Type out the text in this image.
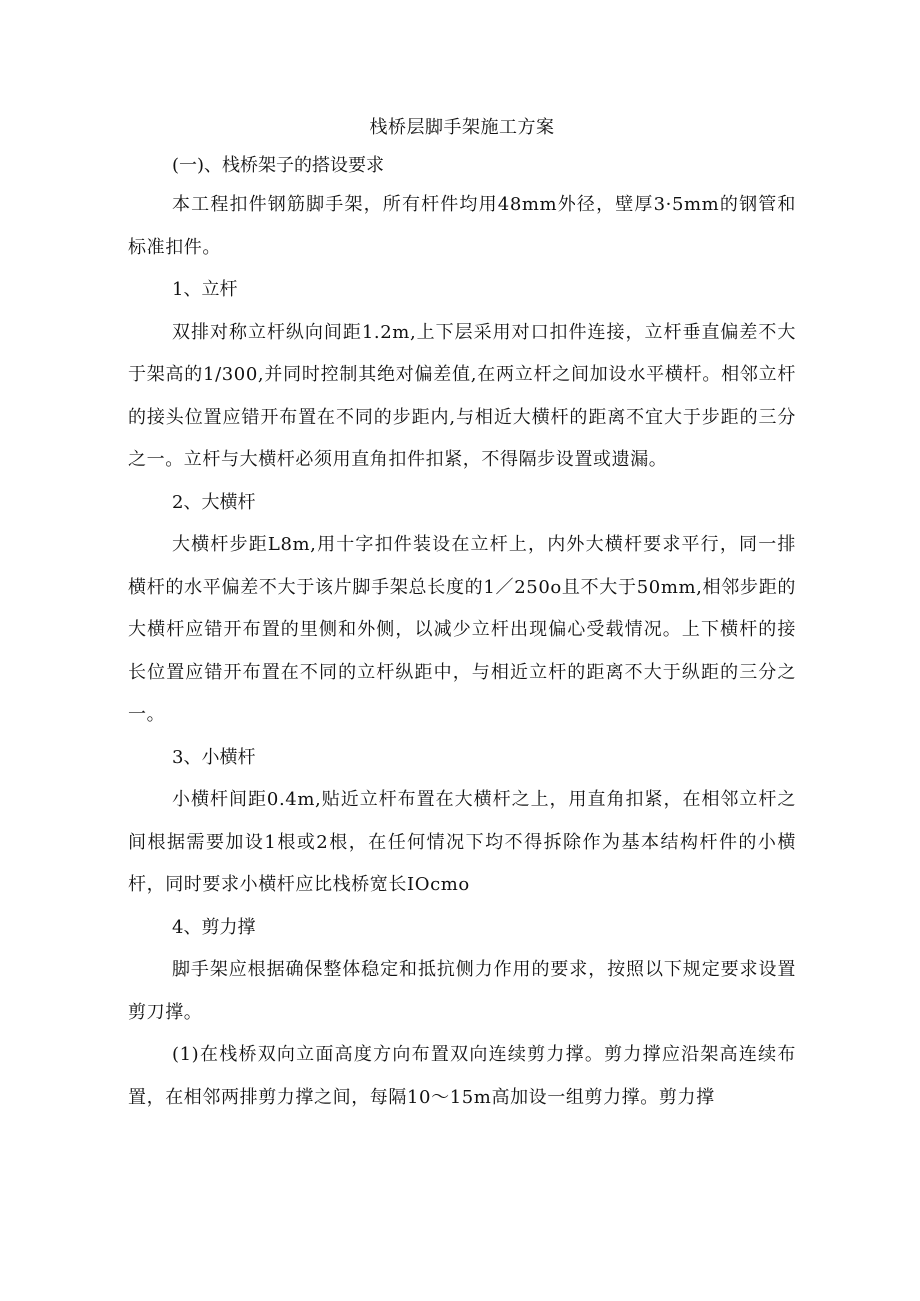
栈桥层脚手架施工方案

(一)、栈桥架子的搭设要求

本工程扣件钢筋脚手架，所有杆件均用48mm外径，壁厚3·5mm的钢管和标准扣件。

1、立杆

双排对称立杆纵向间距1.2m,上下层采用对口扣件连接，立杆垂直偏差不大于架高的1/300,并同时控制其绝对偏差值,在两立杆之间加设水平横杆。相邻立杆的接头位置应错开布置在不同的步距内,与相近大横杆的距离不宜大于步距的三分之一。立杆与大横杆必须用直角扣件扣紧，不得隔步设置或遗漏。

2、大横杆

大横杆步距L8m,用十字扣件装设在立杆上，内外大横杆要求平行，同一排横杆的水平偏差不大于该片脚手架总长度的1／250o且不大于50mm,相邻步距的大横杆应错开布置的里侧和外侧，以减少立杆出现偏心受载情况。上下横杆的接长位置应错开布置在不同的立杆纵距中，与相近立杆的距离不大于纵距的三分之一。

3、小横杆

小横杆间距0.4m,贴近立杆布置在大横杆之上，用直角扣紧，在相邻立杆之间根据需要加设1根或2根，在任何情况下均不得拆除作为基本结构杆件的小横杆，同时要求小横杆应比栈桥宽长IOcmo

4、剪力撑

脚手架应根据确保整体稳定和抵抗侧力作用的要求，按照以下规定要求设置剪刀撑。

(1)在栈桥双向立面高度方向布置双向连续剪力撑。剪力撑应沿架高连续布置，在相邻两排剪力撑之间，每隔10～15m高加设一组剪力撑。剪力撑
